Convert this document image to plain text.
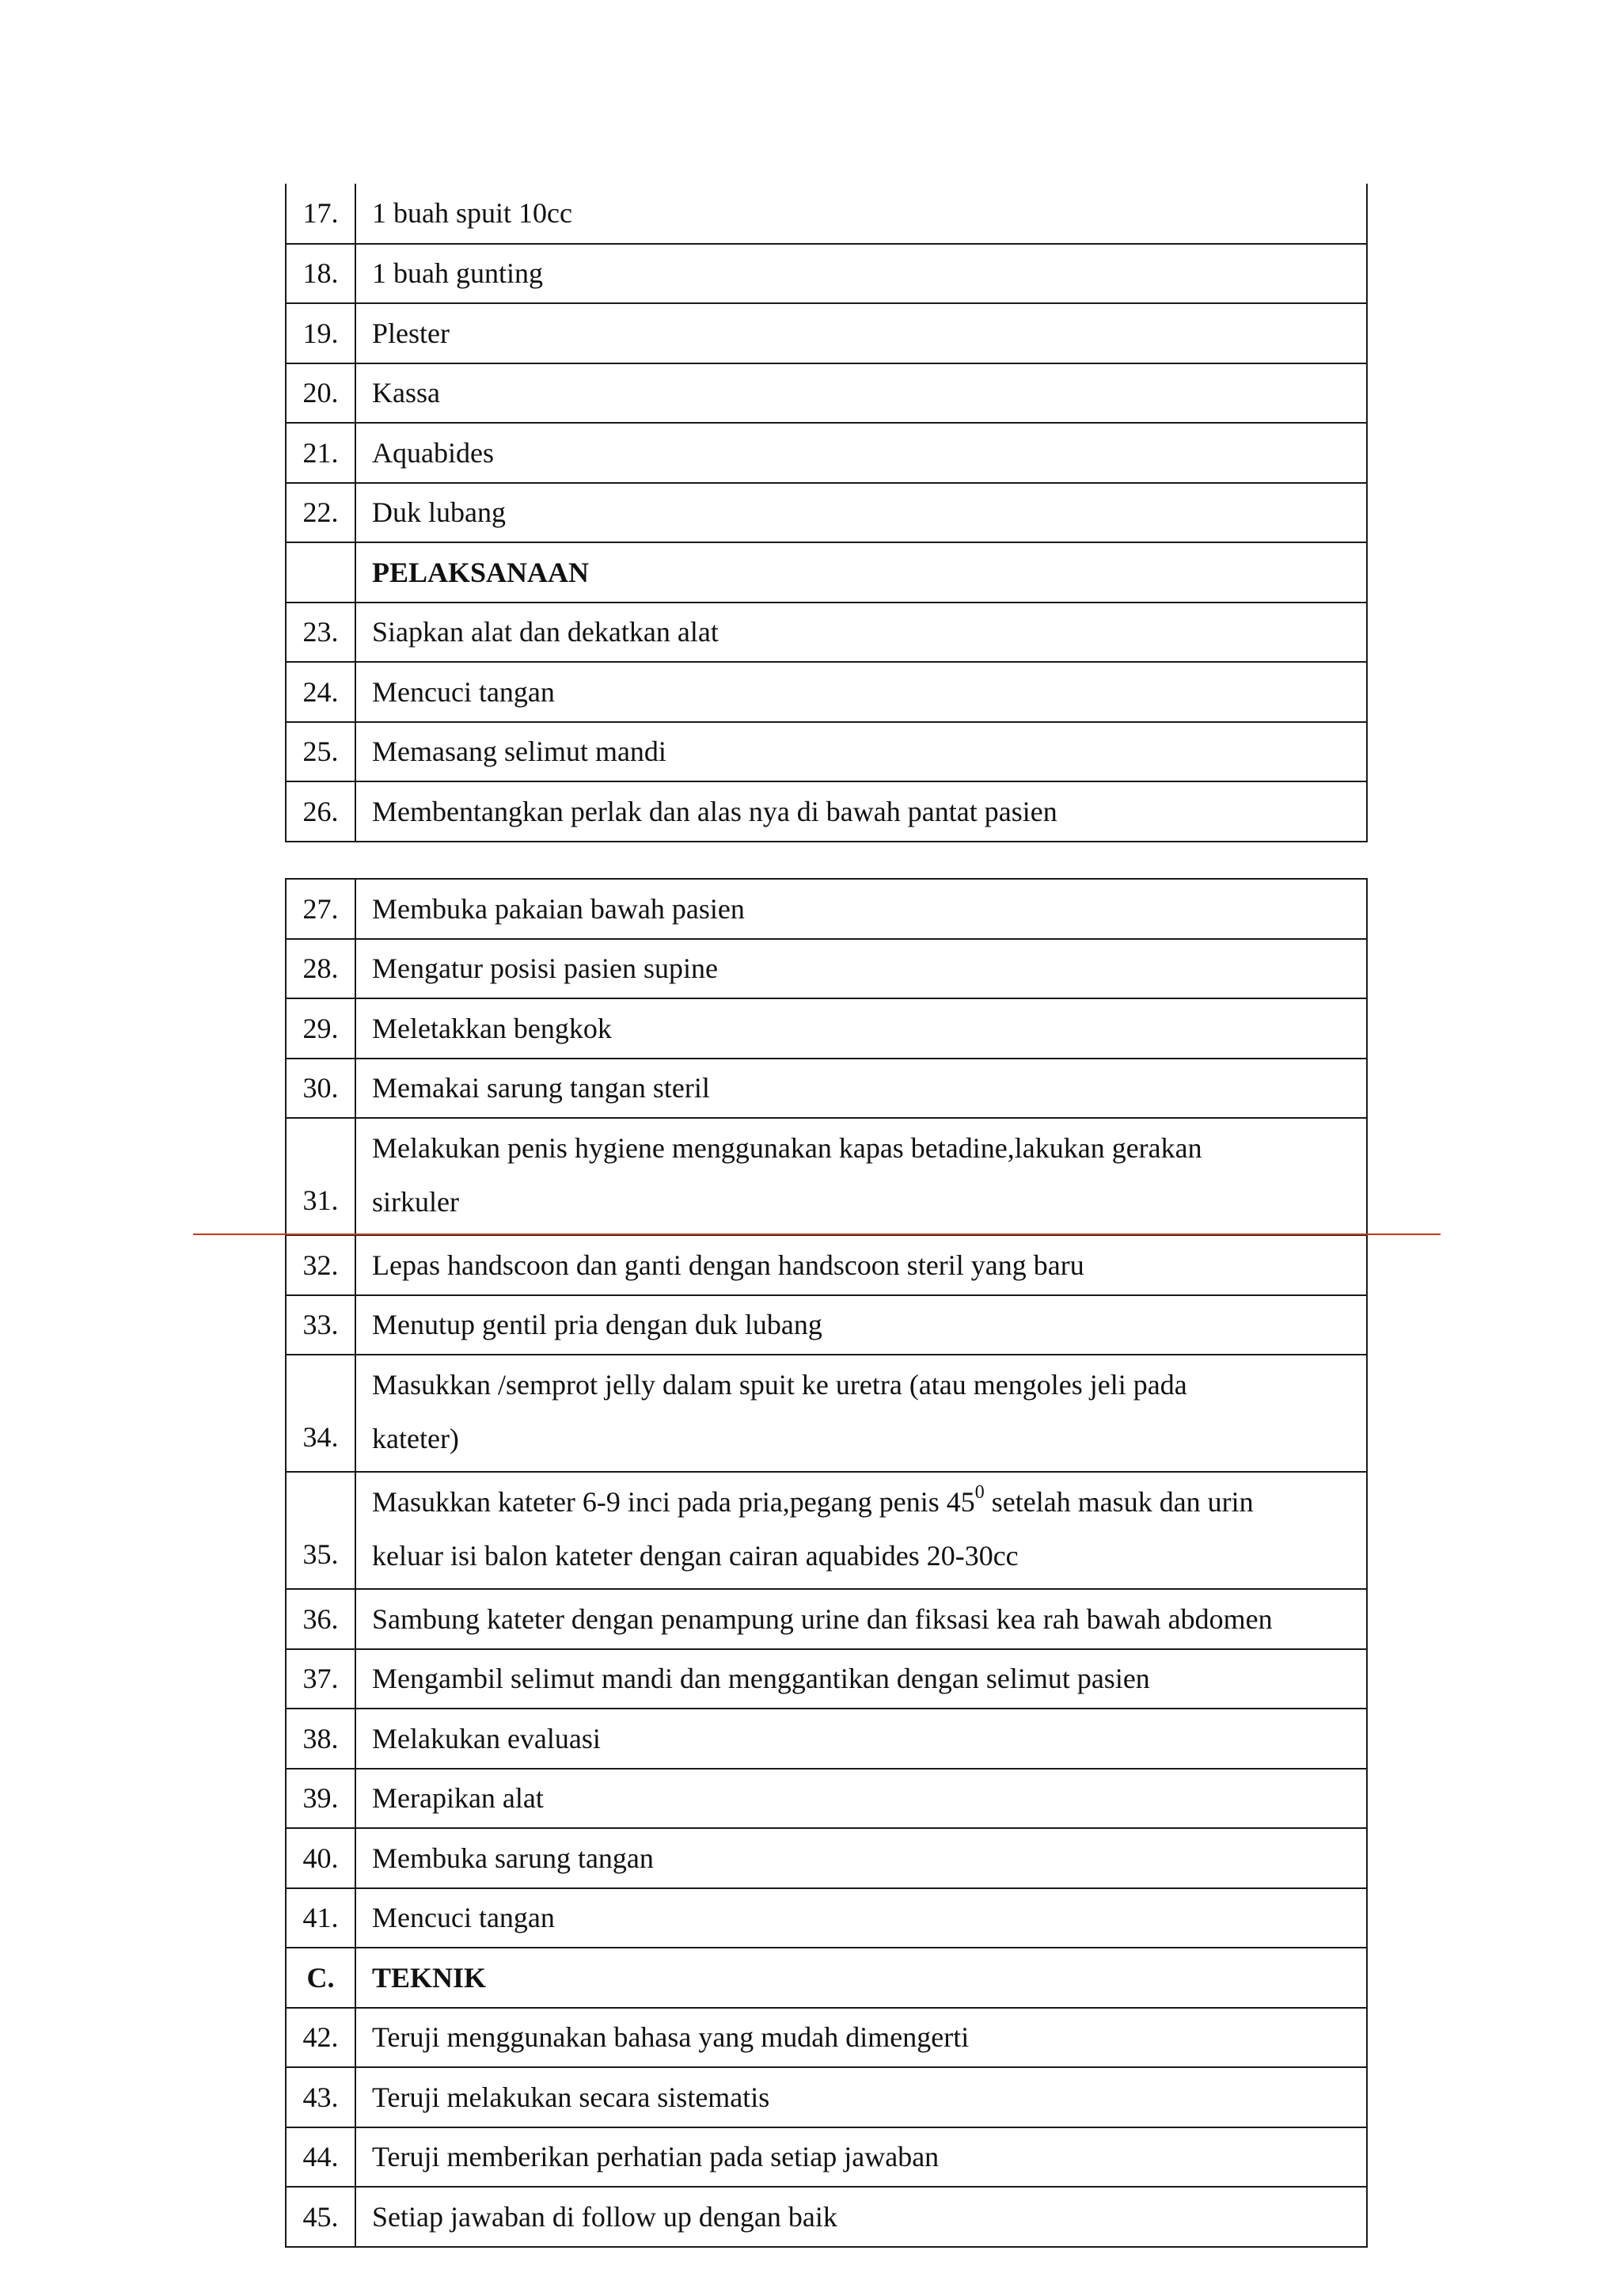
17.	1 buah spuit 10cc
18.	1 buah gunting
19.	Plester
20.	Kassa
21.	Aquabides
22.	Duk lubang
	PELAKSANAAN
23.	Siapkan alat dan dekatkan alat
24.	Mencuci tangan
25.	Memasang selimut mandi
26.	Membentangkan perlak dan alas nya di bawah pantat pasien
27.	Membuka pakaian bawah pasien
28.	Mengatur posisi pasien supine
29.	Meletakkan bengkok
30.	Memakai sarung tangan steril
31.	Melakukan penis hygiene menggunakan kapas betadine,lakukan gerakan
sirkuler
32.	Lepas handscoon dan ganti dengan handscoon steril yang baru
33.	Menutup gentil pria dengan duk lubang
34.	Masukkan /semprot jelly dalam spuit ke uretra (atau mengoles jeli pada
kateter)
35.	Masukkan kateter 6-9 inci pada pria,pegang penis $45^0$ setelah masuk dan urin
keluar isi balon kateter dengan cairan aquabides 20-30cc
36.	Sambung kateter dengan penampung urine dan fiksasi kea rah bawah abdomen
37.	Mengambil selimut mandi dan menggantikan dengan selimut pasien
38.	Melakukan evaluasi
39.	Merapikan alat
40.	Membuka sarung tangan
41.	Mencuci tangan
C.	TEKNIK
42.	Teruji menggunakan bahasa yang mudah dimengerti
43.	Teruji melakukan secara sistematis
44.	Teruji memberikan perhatian pada setiap jawaban
45.	Setiap jawaban di follow up dengan baik
